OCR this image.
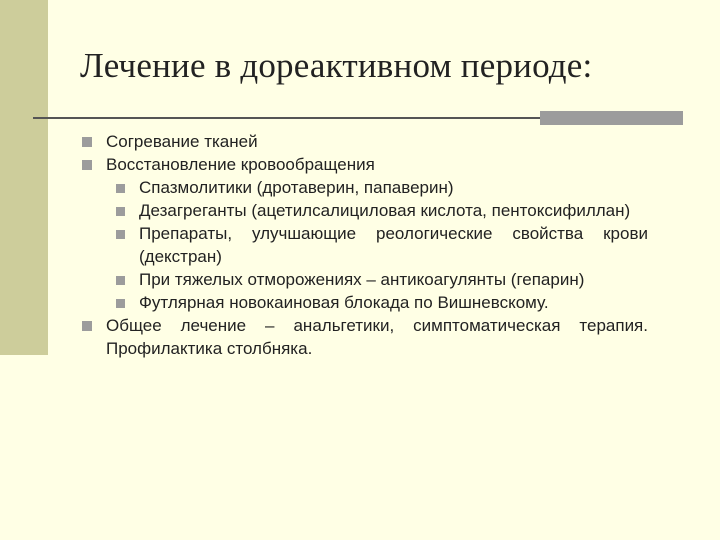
Лечение в дореактивном периоде:
Согревание тканей
Восстановление кровообращения
Спазмолитики (дротаверин, папаверин)
Дезагреганты (ацетилсалициловая кислота, пентоксифиллан)
Препараты, улучшающие реологические свойства крови (декстран)
При тяжелых отморожениях – антикоагулянты (гепарин)
Футлярная новокаиновая блокада по Вишневскому.
Общее лечение – анальгетики, симптоматическая терапия. Профилактика столбняка.
